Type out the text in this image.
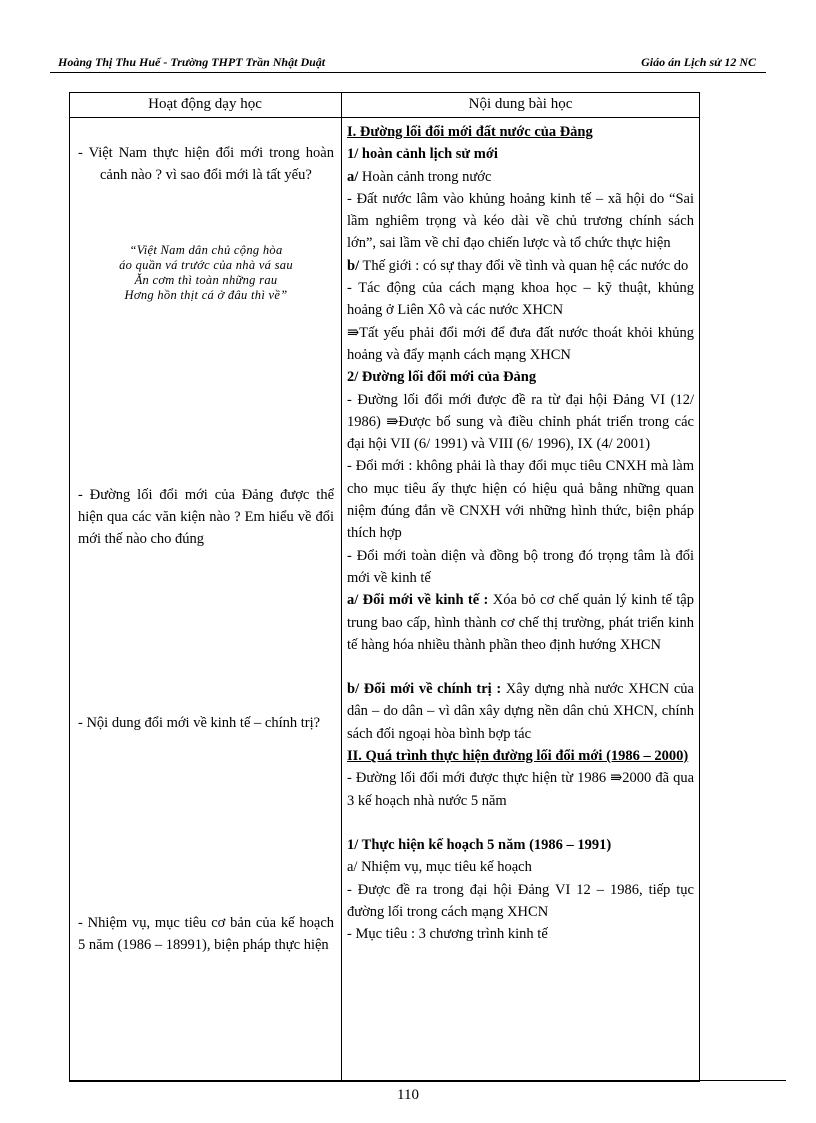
Hoàng Thị Thu Huế - Trường THPT Trần Nhật Duật	Giáo án Lịch sử 12 NC
Hoạt động dạy học	Nội dung bài học
- Việt Nam thực hiện đổi mới trong hoàn cảnh nào ? vì sao đổi mới là tất yếu?
“Việt Nam dân chủ cộng hòa
áo quần vá trước của nhà vá sau
Ăn cơm thì toàn những rau
Hơng hồn thịt cá ở đâu thì về”
- Đường lối đổi mới của Đảng được thể hiện qua các văn kiện nào ? Em hiểu về đổi mới thế nào cho đúng
- Nội dung đổi mới về kinh tế – chính trị?
- Nhiệm vụ, mục tiêu cơ bản của kế hoạch 5 năm (1986 – 18991), biện pháp thực hiện

I. Đường lối đổi mới đất nước của Đảng

1/ hoàn cảnh lịch sử mới

a/ Hoàn cảnh trong nước

- Đất nước lâm vào khủng hoảng kinh tế – xã hội do “Sai lầm nghiêm trọng và kéo dài về chủ trương chính sách lớn”, sai lầm về chỉ đạo chiến lược và tổ chức thực hiện

b/ Thế giới : có sự thay đổi về tình và quan hệ các nước do

- Tác động của cách mạng khoa học – kỹ thuật, khủng hoảng ở Liên Xô và các nước XHCN

⇛Tất yếu phải đổi mới để đưa đất nước thoát khỏi khủng hoảng và đẩy mạnh cách mạng XHCN

2/ Đường lối đổi mới của Đảng

- Đường lối đổi mới được đề ra từ đại hội Đảng VI (12/ 1986) ⇛Được bổ sung và điều chỉnh phát triển trong các đại hội VII (6/ 1991) và VIII (6/ 1996), IX (4/ 2001)

- Đổi mới : không phải là thay đổi mục tiêu CNXH mà làm cho mục tiêu ấy thực hiện có hiệu quả bằng những quan niệm đúng đắn về CNXH với những hình thức, biện pháp thích hợp

- Đổi mới toàn diện và đồng bộ trong đó trọng tâm là đổi mới về kinh tế

a/ Đổi mới về kinh tế : Xóa bỏ cơ chế quản lý kinh tế tập trung bao cấp, hình thành cơ chế thị trường, phát triển kinh tế hàng hóa nhiều thành phần theo định hướng XHCN

b/ Đổi mới về chính trị : Xây dựng nhà nước XHCN của dân – do dân – vì dân xây dựng nền dân chủ XHCN, chính sách đối ngoại hòa bình bợp tác

II. Quá trình thực hiện đường lối đổi mới (1986 – 2000)

- Đường lối đổi mới được thực hiện từ 1986 ⇛2000 đã qua 3 kế hoạch nhà nước 5 năm

1/ Thực hiện kế hoạch 5 năm (1986 – 1991)

a/ Nhiệm vụ, mục tiêu kế hoạch

- Được đề ra trong đại hội Đảng VI 12 – 1986, tiếp tục đường lối trong cách mạng XHCN

- Mục tiêu : 3 chương trình kinh tế

110
